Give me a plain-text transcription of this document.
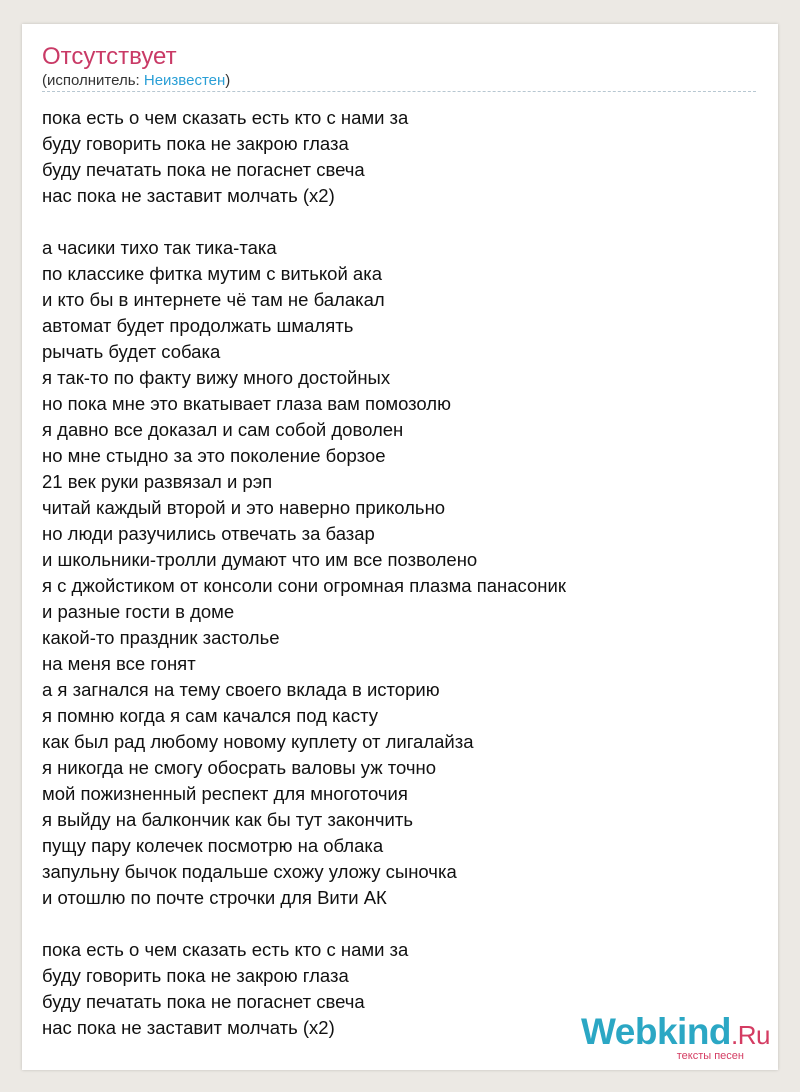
Отсутствует
(исполнитель: Неизвестен)
пока есть о чем сказать есть кто с нами за
буду говорить пока не закрою глаза
буду печатать пока не погаснет свеча
нас пока не заставит молчать (x2)
а часики тихо так тика-така
по классике фитка мутим с витькой ака
и кто бы в интернете чё там не балакал
автомат будет продолжать шмалять
рычать будет собака
я так-то по факту вижу много достойных
но пока мне это вкатывает глаза вам помозолю
я давно все доказал и сам собой доволен
но мне стыдно за это поколение борзое
21 век руки развязал и рэп
читай каждый второй и это наверно прикольно
но люди разучились отвечать за базар
и школьники-тролли думают что им все позволено
я с джойстиком от консоли сони огромная плазма панасоник
и разные гости в доме
какой-то праздник застолье
на меня все гонят
а я загнался на тему своего вклада в историю
я помню когда я сам качался под касту
как был рад любому новому куплету от лигалайза
я никогда не смогу обосрать валовы уж точно
мой пожизненный респект для многоточия
я выйду на балкончик как бы тут закончить
пущу пару колечек посмотрю на облака
запульну бычок подальше схожу уложу сыночка
и отошлю по почте строчки для Вити АК
пока есть о чем сказать есть кто с нами за
буду говорить пока не закрою глаза
буду печатать пока не погаснет свеча
нас пока не заставит молчать (x2)	Webkind.Ru
тексты песен
